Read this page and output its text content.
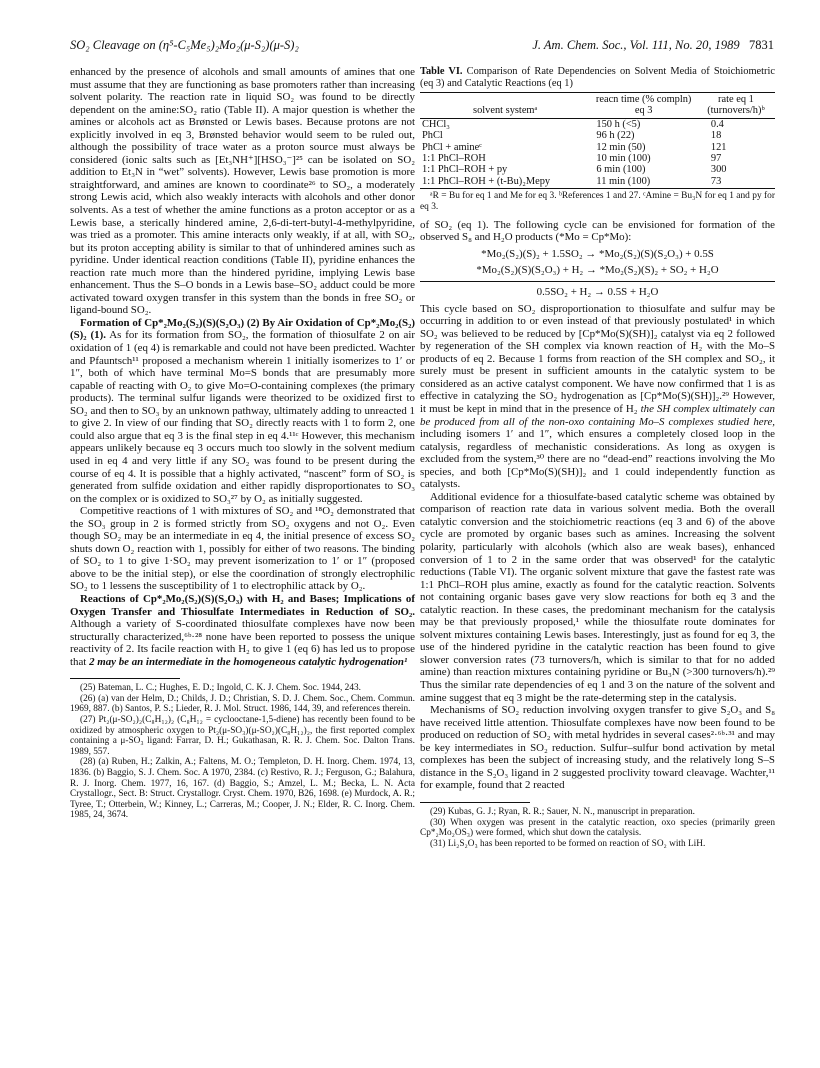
SO₂ Cleavage on (η⁵-C₅Me₅)₂Mo₂(μ-S₂)(μ-S)₂	J. Am. Chem. Soc., Vol. 111, No. 20, 1989 7831

enhanced by the presence of alcohols and small amounts of amines that one must assume that they are functioning as base promoters rather than increasing solvent polarity. The reaction rate in liquid SO₂ was found to be directly dependent on the amine:SO₂ ratio (Table II). A major question is whether the amines or alcohols act as Brønsted or Lewis bases. Because protons are not explicitly involved in eq 3, Brønsted behavior would seem to be ruled out, although the possibility of trace water as a proton source must always be considered (ionic salts such as [Et₃NH⁺][HSO₃⁻]²⁵ can be isolated on SO₂ addition to Et₃N in “wet” solvents). However, Lewis base promotion is more straightforward, and amines are known to coordinate²⁶ to SO₂, a moderately strong Lewis acid, which also weakly interacts with alcohols and other donor solvents. As a test of whether the amine functions as a proton acceptor or as a Lewis base, a sterically hindered amine, 2,6-di-tert-butyl-4-methylpyridine, was tried as a promoter. This amine interacts only weakly, if at all, with SO₂, but its proton accepting ability is similar to that of unhindered amines such as pyridine. Under identical reaction conditions (Table II), pyridine enhances the reaction rate much more than the hindered pyridine, implying Lewis base enhancement. Thus the S–O bonds in a Lewis base–SO₂ adduct could be more activated toward oxygen transfer in this system than the bonds in free SO₂ or ligand-bound SO₂.

Formation of Cp*₂Mo₂(S₂)(S)(S₂O₃) (2) By Air Oxidation of Cp*₂Mo₂(S₂)(S)₂ (1). As for its formation from SO₂, the formation of thiosulfate 2 on air oxidation of 1 (eq 4) is remarkable and could not have been predicted. Wachter and Pfauntsch¹¹ proposed a mechanism wherein 1 initially isomerizes to 1′ or 1″, both of which have terminal Mo=S bonds that are presumably more capable of reacting with O₂ to give Mo=O-containing complexes (the primary products). The terminal sulfur ligands were theorized to be oxidized first to SO₂ and then to SO₃ by an unknown pathway, ultimately adding to unreacted 1 to give 2. In view of our finding that SO₂ directly reacts with 1 to form 2, one could also argue that eq 3 is the final step in eq 4.¹¹ᶜ However, this mechanism appears unlikely because eq 3 occurs much too slowly in the solvent medium used in eq 4 and very little if any SO₂ was found to be present during the course of eq 4. It is possible that a highly activated, “nascent” form of SO₂ is generated from sulfide oxidation and either rapidly disproportionates to SO₃ on the complex or is oxidized to SO₃²⁷ by O₂ as initially suggested.

Competitive reactions of 1 with mixtures of SO₂ and ¹⁸O₂ demonstrated that the SO₃ group in 2 is formed strictly from SO₂ oxygens and not O₂. Even though SO₂ may be an intermediate in eq 4, the initial presence of excess SO₂ shuts down O₂ reaction with 1, possibly for either of two reasons. The binding of SO₂ to 1 to give 1·SO₂ may prevent isomerization to 1′ or 1″ (proposed above to be the initial step), or else the coordination of strongly electrophilic SO₂ to 1 lessens the susceptibility of 1 to electrophilic attack by O₂.

Reactions of Cp*₂Mo₂(S₂)(S)(S₂O₃) with H₂ and Bases; Implications of Oxygen Transfer and Thiosulfate Intermediates in Reduction of SO₂. Although a variety of S-coordinated thiosulfate complexes have now been structurally characterized,⁶ᵇ·²⁸ none have been reported to possess the unique reactivity of 2. Its facile reaction with H₂ to give 1 (eq 6) has led us to propose that 2 may be an intermediate in the homogeneous catalytic hydrogenation¹

(25) Bateman, L. C.; Hughes, E. D.; Ingold, C. K. J. Chem. Soc. 1944, 243.

(26) (a) van der Helm, D.; Childs, J. D.; Christian, S. D. J. Chem. Soc., Chem. Commun. 1969, 887. (b) Santos, P. S.; Lieder, R. J. Mol. Struct. 1986, 144, 39, and references therein.

(27) Pt₂(μ-SO₂)₂(C₈H₁₂)₂ (C₈H₁₂ = cyclooctane-1,5-diene) has recently been found to be oxidized by atmospheric oxygen to Pt₂(μ-SO₃)(μ-SO₂)(C₈H₁₂)₂, the first reported complex containing a μ-SO₃ ligand: Farrar, D. H.; Gukathasan, R. R. J. Chem. Soc. Dalton Trans. 1989, 557.

(28) (a) Ruben, H.; Zalkin, A.; Faltens, M. O.; Templeton, D. H. Inorg. Chem. 1974, 13, 1836. (b) Baggio, S. J. Chem. Soc. A 1970, 2384. (c) Restivo, R. J.; Ferguson, G.; Balahura, R. J. Inorg. Chem. 1977, 16, 167. (d) Baggio, S.; Amzel, L. M.; Becka, L. N. Acta Crystallogr., Sect. B: Struct. Crystallogr. Cryst. Chem. 1970, B26, 1698. (e) Murdock, A. R.; Tyree, T.; Otterbein, W.; Kinney, L.; Carreras, M.; Cooper, J. N.; Elder, R. C. Inorg. Chem. 1985, 24, 3674.

Table VI. Comparison of Rate Dependencies on Solvent Media of Stoichiometric (eq 3) and Catalytic Reactions (eq 1)

solvent systemᵃ	reacn time (% compln) eq 3	rate eq 1 (turnovers/h)ᵇ
CHCl₃	150 h (<5)	0.4
PhCl	96 h (22)	18
PhCl + amineᶜ	12 min (50)	121
1:1 PhCl–ROH	10 min (100)	97
1:1 PhCl–ROH + py	6 min (100)	300
1:1 PhCl–ROH + (t-Bu)₂Mepy	11 min (100)	73

ᵃR = Bu for eq 1 and Me for eq 3. ᵇReferences 1 and 27. ᶜAmine = Bu₃N for eq 1 and py for eq 3.

of SO₂ (eq 1). The following cycle can be envisioned for formation of the observed S₈ and H₂O products (*Mo = Cp*Mo):

*Mo₂(S₂)(S)₂ + 1.5SO₂ → *Mo₂(S₂)(S)(S₂O₃) + 0.5S

*Mo₂(S₂)(S)(S₂O₃) + H₂ → *Mo₂(S₂)(S)₂ + SO₂ + H₂O

0.5SO₂ + H₂ → 0.5S + H₂O

This cycle based on SO₂ disproportionation to thiosulfate and sulfur may be occurring in addition to or even instead of that previously postulated¹ in which SO₂ was believed to be reduced by [Cp*Mo(S)(SH)]₂ catalyst via eq 2 followed by regeneration of the SH complex via known reaction of H₂ with the Mo–S products of eq 2. Because 1 forms from reaction of the SH complex and SO₂, it surely must be present in sufficient amounts in the catalytic system to be considered as an active catalyst component. We have now confirmed that 1 is as effective in catalyzing the SO₂ hydrogenation as [Cp*Mo(S)(SH)]₂.²⁹ However, it must be kept in mind that in the presence of H₂ the SH complex ultimately can be produced from all of the non-oxo containing Mo–S complexes studied here, including isomers 1′ and 1″, which ensures a completely closed loop in the catalysis, regardless of mechanistic considerations. As long as oxygen is excluded from the system,³⁰ there are no “dead-end” reactions involving the Mo species, and both [Cp*Mo(S)(SH)]₂ and 1 could independently function as catalysts.

Additional evidence for a thiosulfate-based catalytic scheme was obtained by comparison of reaction rate data in various solvent media. Both the overall catalytic conversion and the stoichiometric reactions (eq 3 and 6) of the above cycle are promoted by organic bases such as amines. Increasing the solvent polarity, particularly with alcohols (which also are weak bases), enhanced conversion of 1 to 2 in the same order that was observed¹ for the catalytic reductions (Table VI). The organic solvent mixture that gave the fastest rate was 1:1 PhCl–ROH plus amine, exactly as found for the catalytic reaction. Solvents not containing organic bases gave very slow reactions for both eq 3 and the catalytic reaction. In these cases, the predominant mechanism for the catalysis may be that previously proposed,¹ while the thiosulfate route dominates for solvent mixtures containing Lewis bases. Interestingly, just as found for eq 3, the use of the hindered pyridine in the catalytic reaction has been found to give slower conversion rates (73 turnovers/h, which is similar to that for no added amine) than reaction mixtures containing pyridine or Bu₃N (>300 turnovers/h).²⁹ Thus the similar rate dependencies of eq 1 and 3 on the nature of the solvent and amine suggest that eq 3 might be the rate-determing step in the catalysis.

Mechanisms of SO₂ reduction involving oxygen transfer to give S₂O₃ and S₈ have received little attention. Thiosulfate complexes have now been found to be produced on reduction of SO₂ with metal hydrides in several cases²·⁶ᵇ·³¹ and may be key intermediates in SO₂ reduction. Sulfur–sulfur bond activation by metal complexes has been the subject of increasing study, and the relatively long S–S distance in the S₂O₃ ligand in 2 suggested proclivity toward cleavage. Wachter,¹¹ for example, found that 2 reacted

(29) Kubas, G. J.; Ryan, R. R.; Sauer, N. N., manuscript in preparation.

(30) When oxygen was present in the catalytic reaction, oxo species (primarily green Cp*₂Mo₂OS₃) were formed, which shut down the catalysis.

(31) Li₂S₂O₃ has been reported to be formed on reaction of SO₂ with LiH.
